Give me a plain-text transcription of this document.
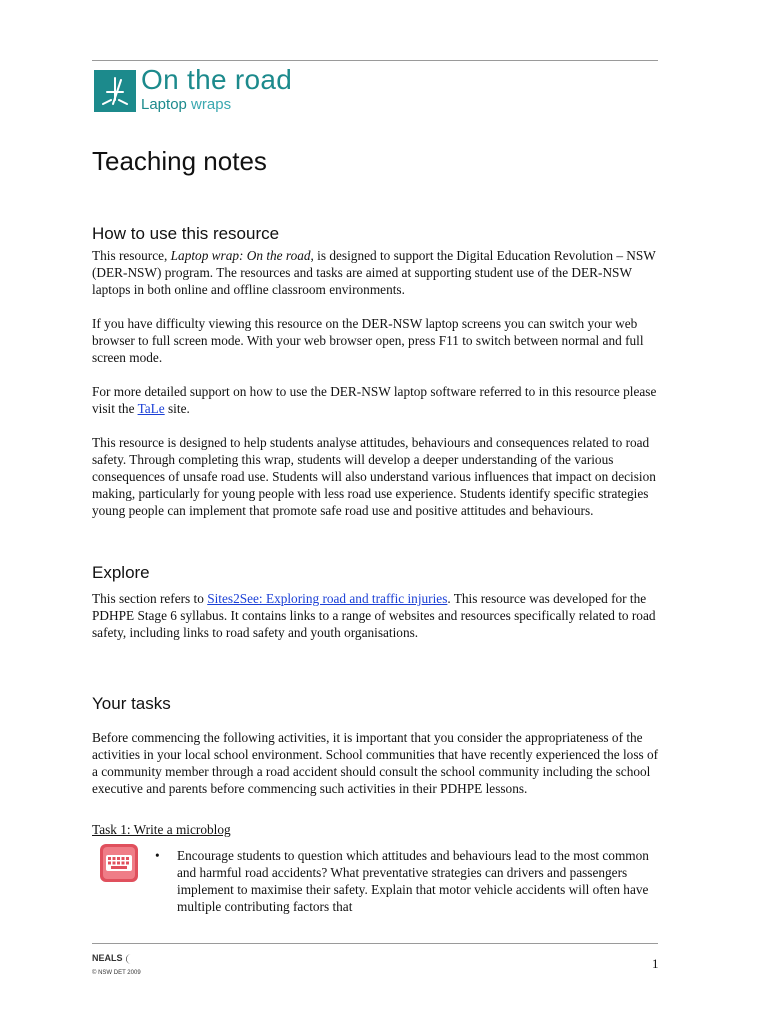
On the road
Laptop wraps
Teaching notes
How to use this resource

This resource, Laptop wrap: On the road, is designed to support the Digital Education Revolution – NSW (DER-NSW) program. The resources and tasks are aimed at supporting student use of the DER-NSW laptops in both online and offline classroom environments.

If you have difficulty viewing this resource on the DER-NSW laptop screens you can switch your web browser to full screen mode. With your web browser open, press F11 to switch between normal and full screen mode.

For more detailed support on how to use the DER-NSW laptop software referred to in this resource please visit the TaLe site.

This resource is designed to help students analyse attitudes, behaviours and consequences related to road safety. Through completing this wrap, students will develop a deeper understanding of the various consequences of unsafe road use. Students will also understand various influences that impact on decision making, particularly for young people with less road use experience. Students identify specific strategies young people can implement that promote safe road use and positive attitudes and behaviours.

Explore

This section refers to Sites2See: Exploring road and traffic injuries. This resource was developed for the PDHPE Stage 6 syllabus. It contains links to a range of websites and resources specifically related to road safety, including links to road safety and youth organisations.

Your tasks

Before commencing the following activities, it is important that you consider the appropriateness of the activities in your local school environment. School communities that have recently experienced the loss of a community member through a road accident should consult the school community including the school executive and parents before commencing such activities in their PDHPE lessons.

Task 1: Write a microblog

• Encourage students to question which attitudes and behaviours lead to the most common and harmful road accidents? What preventative strategies can drivers and passengers implement to maximise their safety. Explain that motor vehicle accidents will often have multiple contributing factors that

NEALS
© NSW DET 2009
1
